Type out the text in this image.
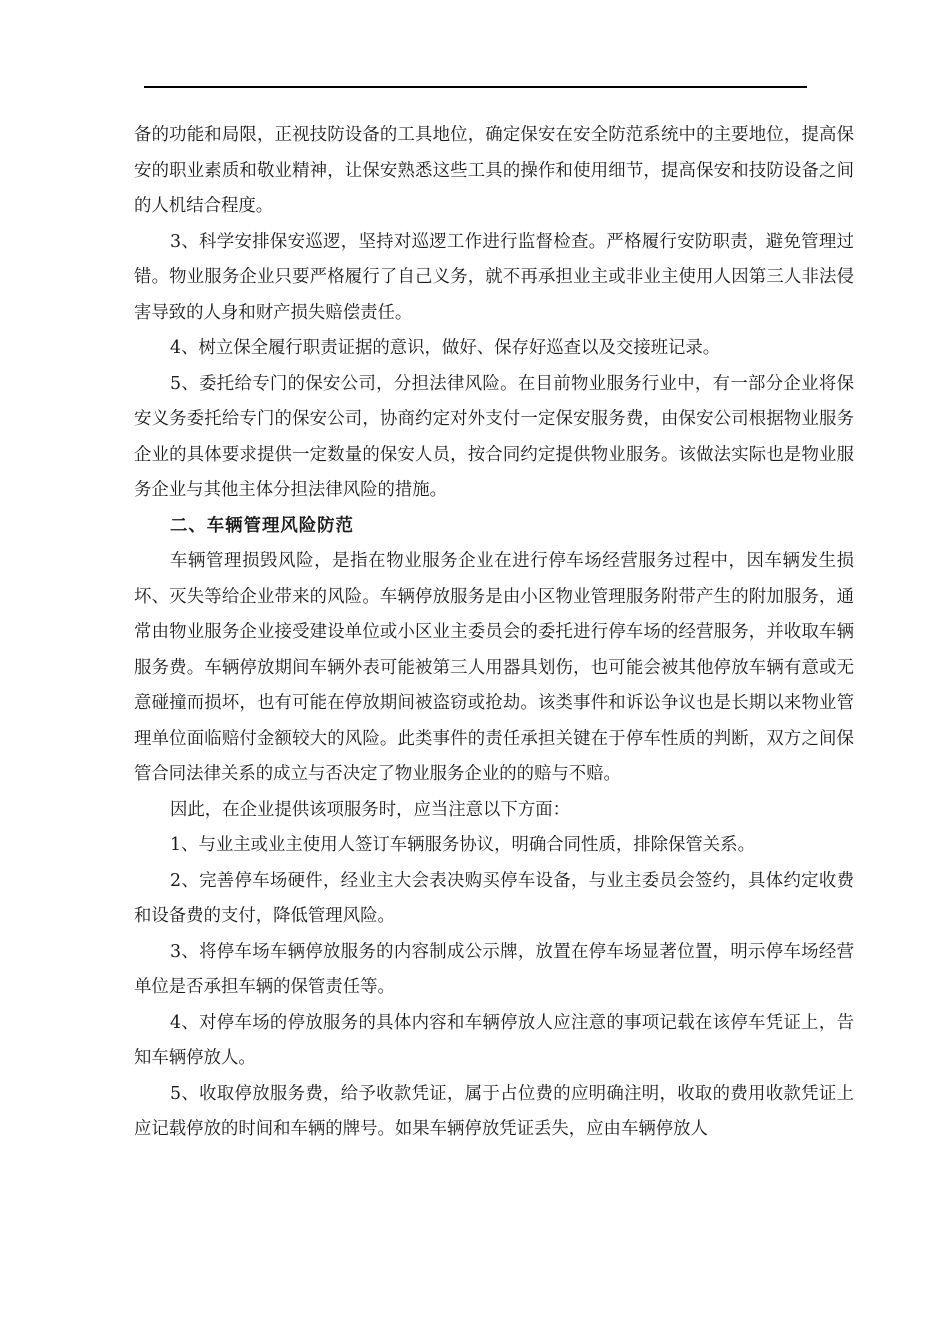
备的功能和局限，正视技防设备的工具地位，确定保安在安全防范系统中的主要地位，提高保安的职业素质和敬业精神，让保安熟悉这些工具的操作和使用细节，提高保安和技防设备之间的人机结合程度。

3、科学安排保安巡逻，坚持对巡逻工作进行监督检查。严格履行安防职责，避免管理过错。物业服务企业只要严格履行了自己义务，就不再承担业主或非业主使用人因第三人非法侵害导致的人身和财产损失赔偿责任。

4、树立保全履行职责证据的意识，做好、保存好巡查以及交接班记录。

5、委托给专门的保安公司，分担法律风险。在目前物业服务行业中，有一部分企业将保安义务委托给专门的保安公司，协商约定对外支付一定保安服务费，由保安公司根据物业服务企业的具体要求提供一定数量的保安人员，按合同约定提供物业服务。该做法实际也是物业服务企业与其他主体分担法律风险的措施。

二、车辆管理风险防范

车辆管理损毁风险，是指在物业服务企业在进行停车场经营服务过程中，因车辆发生损坏、灭失等给企业带来的风险。车辆停放服务是由小区物业管理服务附带产生的附加服务，通常由物业服务企业接受建设单位或小区业主委员会的委托进行停车场的经营服务，并收取车辆服务费。车辆停放期间车辆外表可能被第三人用器具划伤，也可能会被其他停放车辆有意或无意碰撞而损坏，也有可能在停放期间被盗窃或抢劫。该类事件和诉讼争议也是长期以来物业管理单位面临赔付金额较大的风险。此类事件的责任承担关键在于停车性质的判断，双方之间保管合同法律关系的成立与否决定了物业服务企业的的赔与不赔。

因此，在企业提供该项服务时，应当注意以下方面：

1、与业主或业主使用人签订车辆服务协议，明确合同性质，排除保管关系。

2、完善停车场硬件，经业主大会表决购买停车设备，与业主委员会签约，具体约定收费和设备费的支付，降低管理风险。

3、将停车场车辆停放服务的内容制成公示牌，放置在停车场显著位置，明示停车场经营单位是否承担车辆的保管责任等。

4、对停车场的停放服务的具体内容和车辆停放人应注意的事项记载在该停车凭证上，告知车辆停放人。

5、收取停放服务费，给予收款凭证，属于占位费的应明确注明，收取的费用收款凭证上应记载停放的时间和车辆的牌号。如果车辆停放凭证丢失，应由车辆停放人
